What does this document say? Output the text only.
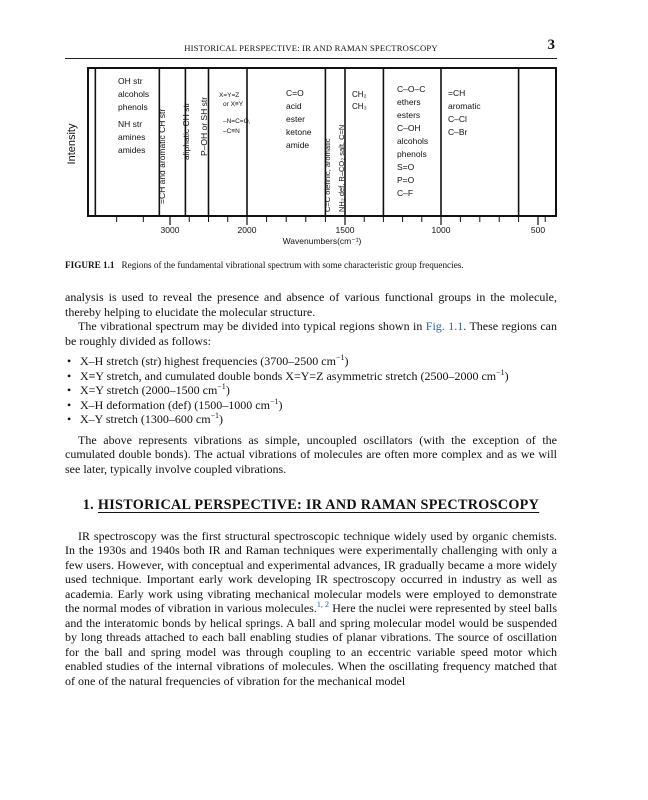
HISTORICAL PERSPECTIVE: IR AND RAMAN SPECTROSCOPY	3
Intensity
3000	2000	1500	1000	500
Wavenumbers(cm⁻¹)
OH str
alcohols
phenols
NH str
amines
amides =CH and aromatic CH str aliphatic CH str P–OH or SH str
X=Y=Z
or X≡Y
–N=C=O,
–C≡N
C=O
acid
ester
ketone
amide C=C olefinic, aromatic NH₂ def, R–CO₂ salt, C=N
CH₂
CH₃
C–O–C
ethers
esters
C–OH
alcohols
phenols
S=O
P=O
C–F
=CH
aromatic
C–Cl
C–Br
FIGURE 1.1 Regions of the fundamental vibrational spectrum with some characteristic group frequencies.

analysis is used to reveal the presence and absence of various functional groups in the molecule, thereby helping to elucidate the molecular structure.

The vibrational spectrum may be divided into typical regions shown in Fig. 1.1. These regions can be roughly divided as follows:

• X–H stretch (str) highest frequencies (3700–2500 $cm^{-1}$)
• X≡Y stretch, and cumulated double bonds X=Y=Z asymmetric stretch (2500–2000 $cm^{-1}$)
• X=Y stretch (2000–1500 $cm^{-1}$)
• X–H deformation (def) (1500–1000 $cm^{-1}$)
• X–Y stretch (1300–600 $cm^{-1}$)

The above represents vibrations as simple, uncoupled oscillators (with the exception of the cumulated double bonds). The actual vibrations of molecules are often more complex and as we will see later, typically involve coupled vibrations.

1. HISTORICAL PERSPECTIVE: IR AND RAMAN SPECTROSCOPY

IR spectroscopy was the first structural spectroscopic technique widely used by organic chemists. In the 1930s and 1940s both IR and Raman techniques were experimentally challenging with only a few users. However, with conceptual and experimental advances, IR gradually became a more widely used technique. Important early work developing IR spectroscopy occurred in industry as well as academia. Early work using vibrating mechanical molecular models were employed to demonstrate the normal modes of vibration in various molecules.$^{1, 2}$ Here the nuclei were represented by steel balls and the interatomic bonds by helical springs. A ball and spring molecular model would be suspended by long threads attached to each ball enabling studies of planar vibrations. The source of oscillation for the ball and spring model was through coupling to an eccentric variable speed motor which enabled studies of the internal vibrations of molecules. When the oscillating frequency matched that of one of the natural frequencies of vibration for the mechanical model
